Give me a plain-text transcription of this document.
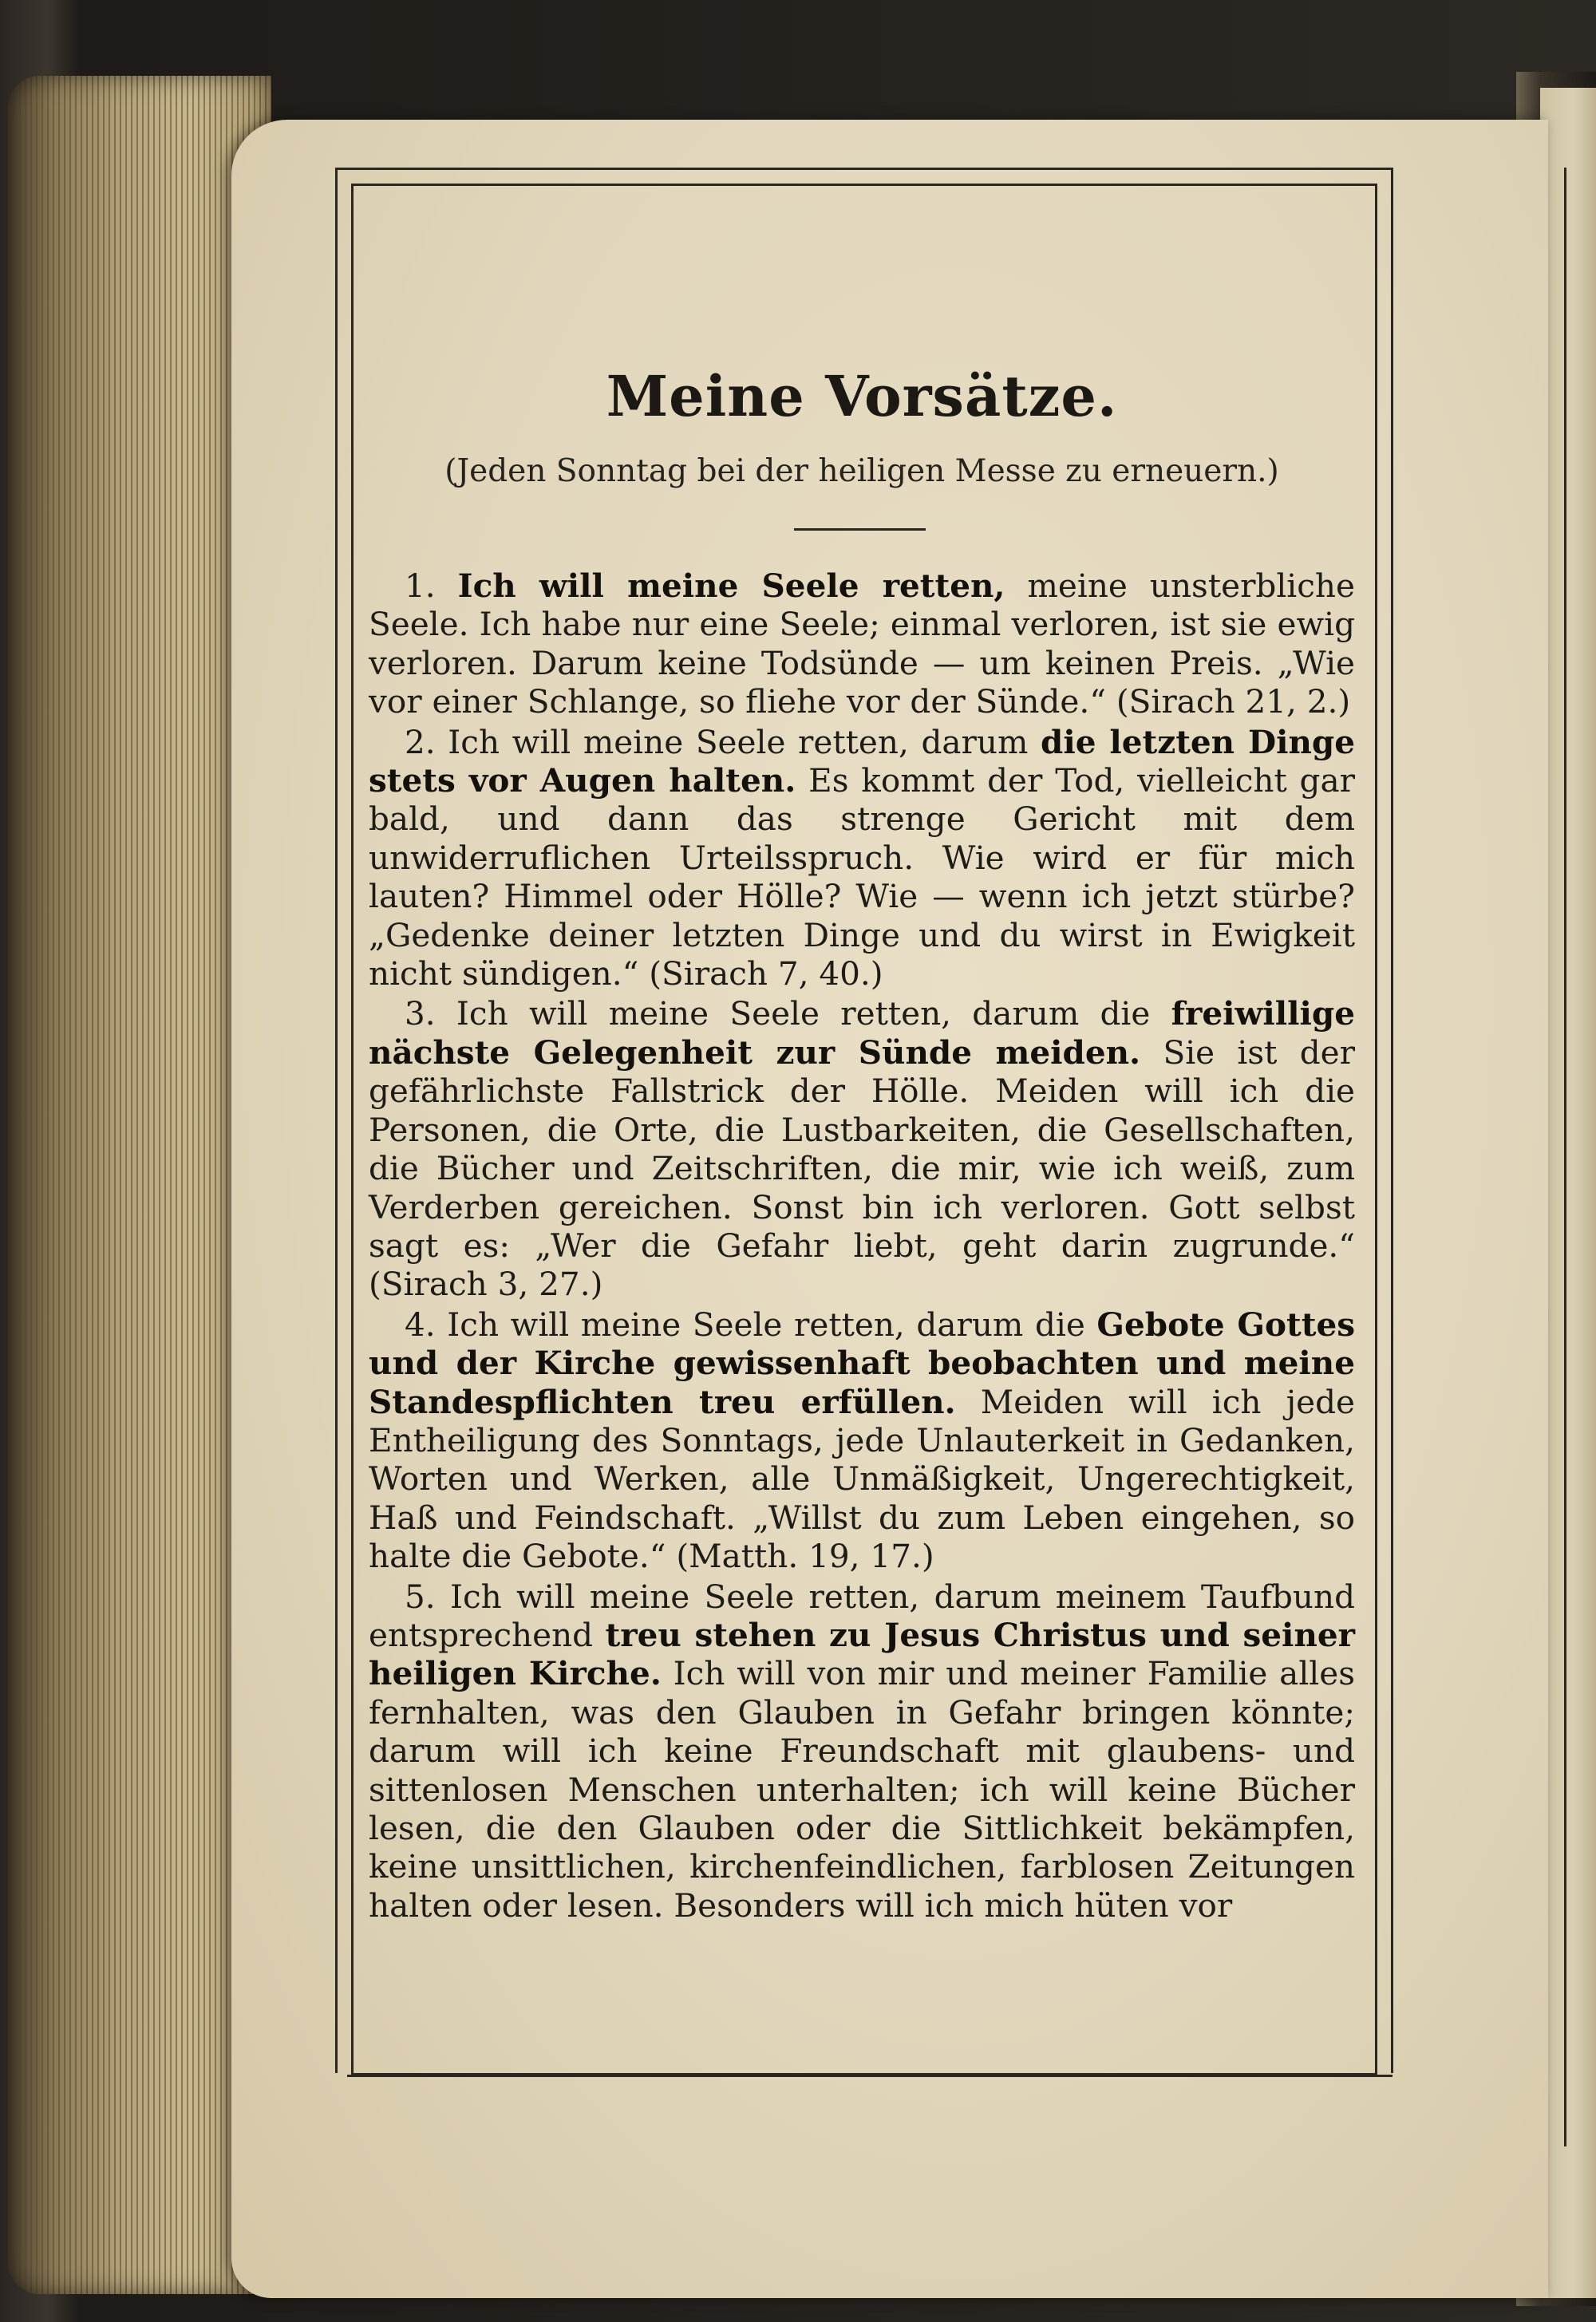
Meine Vorsätze.

(Jeden Sonntag bei der heiligen Messe zu erneuern.)

1. Ich will meine Seele retten, meine unsterbliche Seele. Ich habe nur eine Seele; einmal verloren, ist sie ewig verloren. Darum keine Todsünde — um keinen Preis. „Wie vor einer Schlange, so fliehe vor der Sünde.“ (Sirach 21, 2.)

2. Ich will meine Seele retten, darum die letzten Dinge stets vor Augen halten. Es kommt der Tod, vielleicht gar bald, und dann das strenge Gericht mit dem unwiderruflichen Urteilsspruch. Wie wird er für mich lauten? Himmel oder Hölle? Wie — wenn ich jetzt stürbe? „Gedenke deiner letzten Dinge und du wirst in Ewigkeit nicht sündigen.“ (Sirach 7, 40.)

3. Ich will meine Seele retten, darum die freiwillige nächste Gelegenheit zur Sünde meiden. Sie ist der gefährlichste Fallstrick der Hölle. Meiden will ich die Personen, die Orte, die Lustbarkeiten, die Gesellschaften, die Bücher und Zeitschriften, die mir, wie ich weiß, zum Verderben gereichen. Sonst bin ich verloren. Gott selbst sagt es: „Wer die Gefahr liebt, geht darin zugrunde.“ (Sirach 3, 27.)

4. Ich will meine Seele retten, darum die Gebote Gottes und der Kirche gewissenhaft beobachten und meine Standespflichten treu erfüllen. Meiden will ich jede Entheiligung des Sonntags, jede Unlauterkeit in Gedanken, Worten und Werken, alle Unmäßigkeit, Ungerechtigkeit, Haß und Feindschaft. „Willst du zum Leben eingehen, so halte die Gebote.“ (Matth. 19, 17.)

5. Ich will meine Seele retten, darum meinem Taufbund entsprechend treu stehen zu Jesus Christus und seiner heiligen Kirche. Ich will von mir und meiner Familie alles fernhalten, was den Glauben in Gefahr bringen könnte; darum will ich keine Freundschaft mit glaubens- und sittenlosen Menschen unterhalten; ich will keine Bücher lesen, die den Glauben oder die Sittlichkeit bekämpfen, keine unsittlichen, kirchenfeindlichen, farblosen Zeitungen halten oder lesen. Besonders will ich mich hüten vor
